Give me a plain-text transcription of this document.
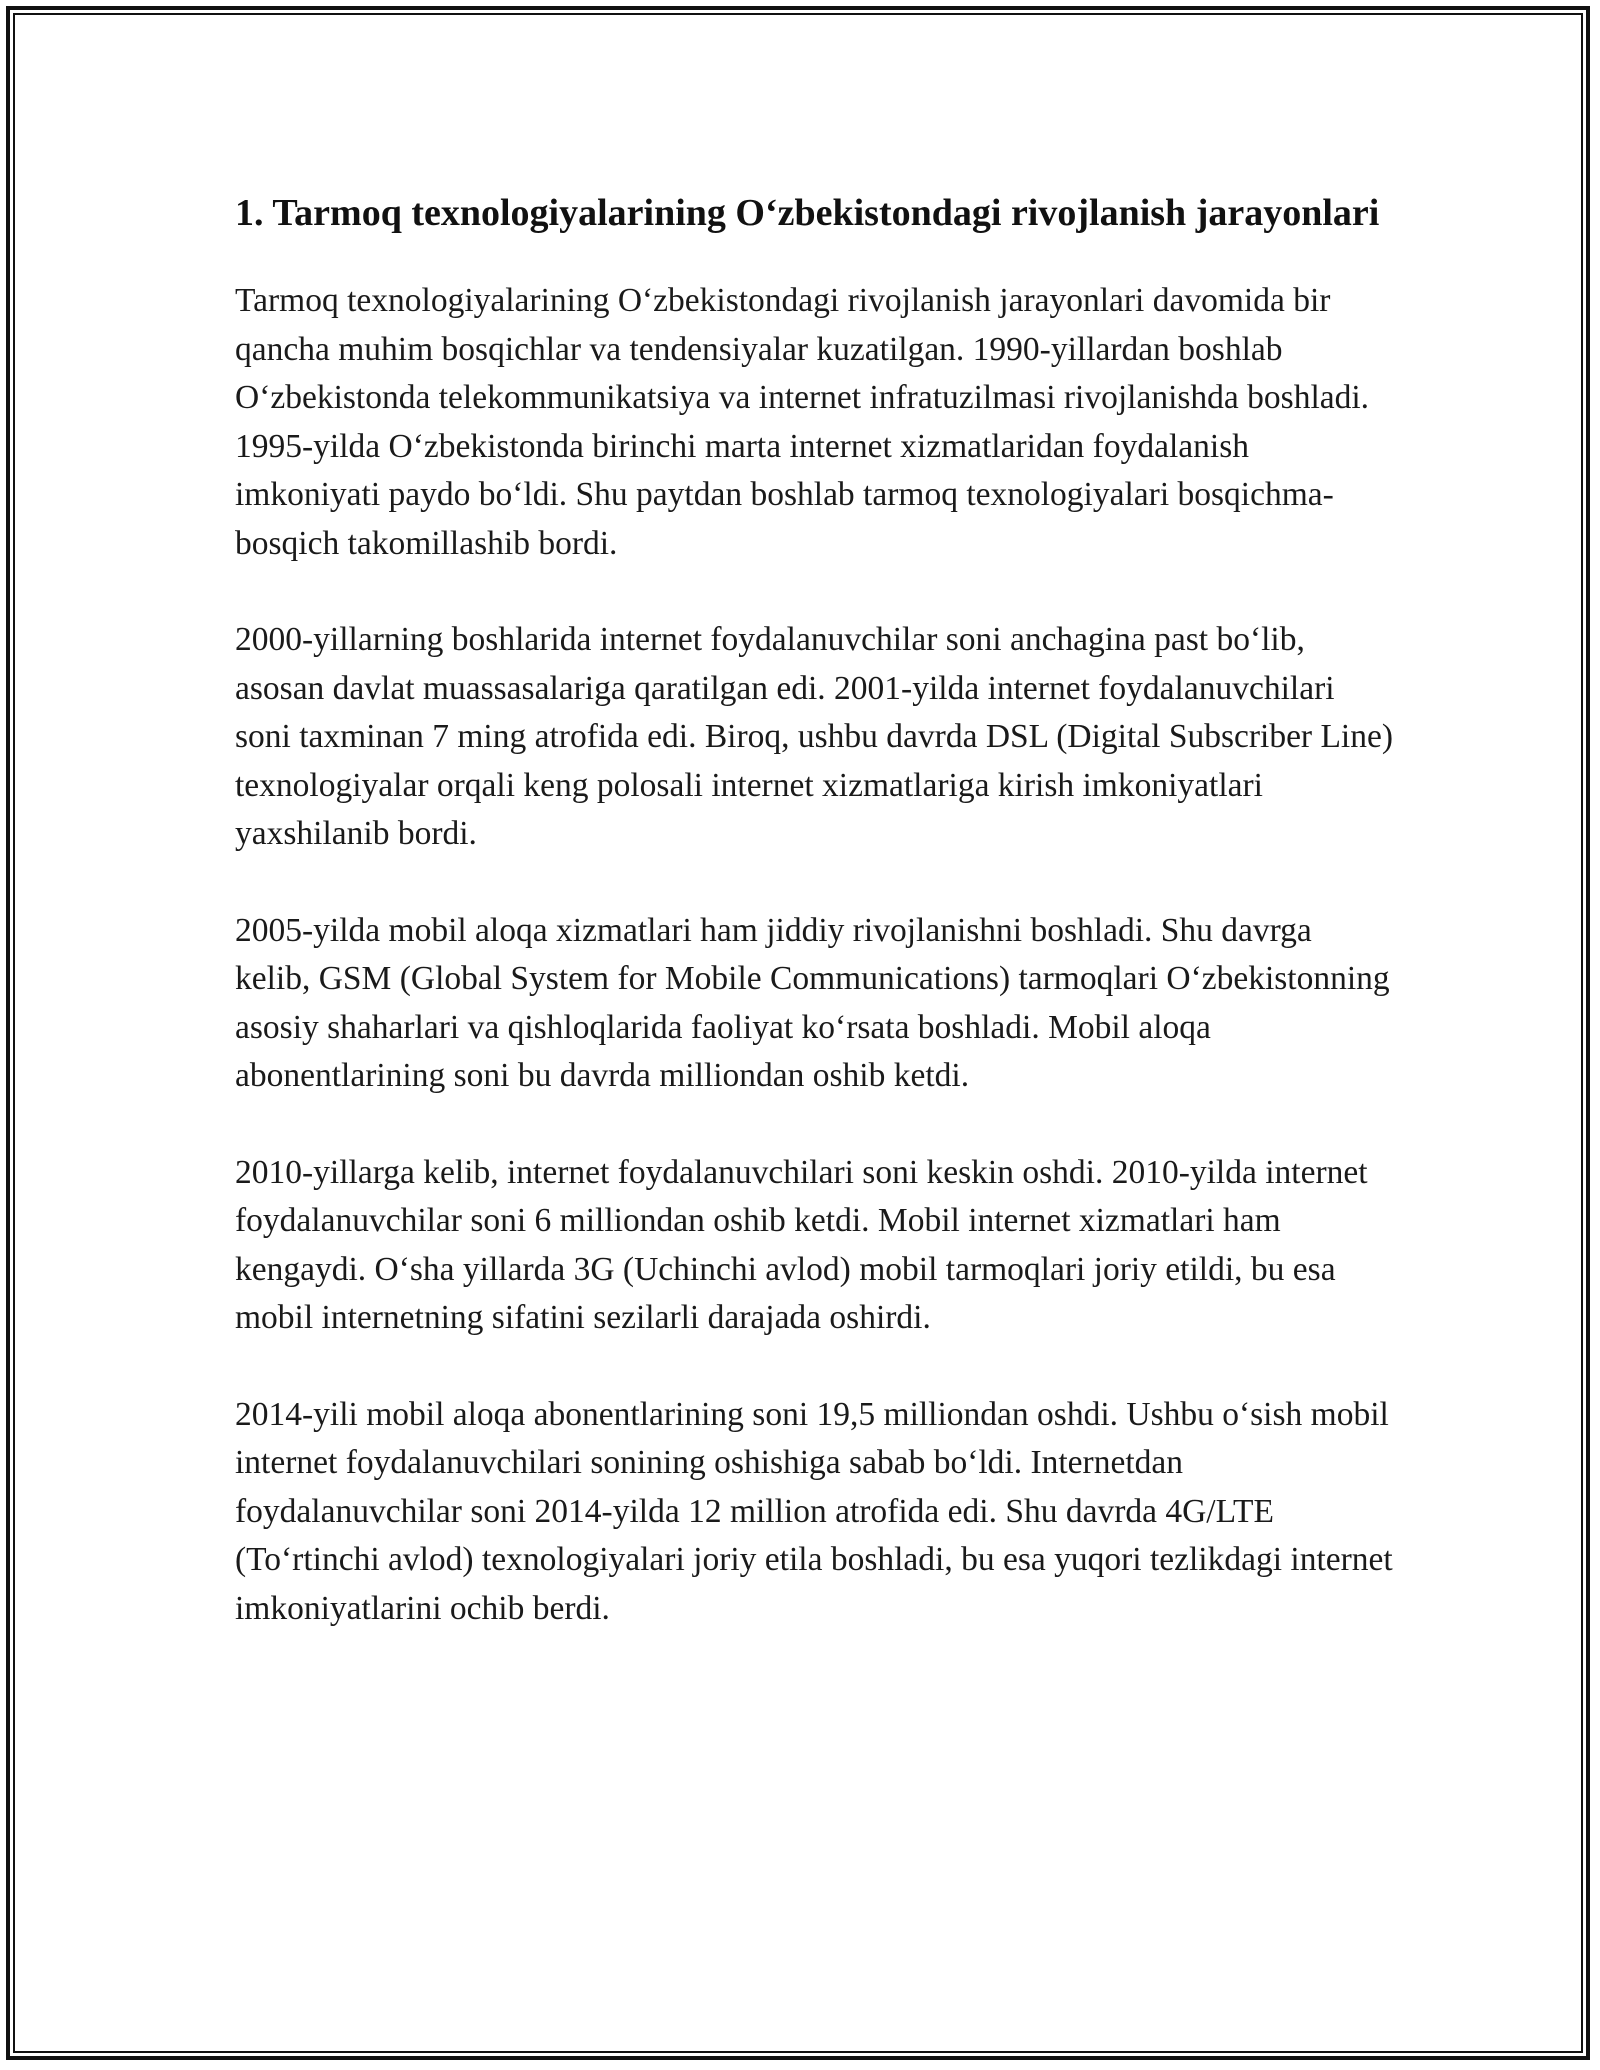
1. Tarmoq texnologiyalarining O‘zbekistondagi rivojlanish jarayonlari

Tarmoq texnologiyalarining O‘zbekistondagi rivojlanish jarayonlari davomida bir qancha muhim bosqichlar va tendensiyalar kuzatilgan. 1990-yillardan boshlab O‘zbekistonda telekommunikatsiya va internet infratuzilmasi rivojlanishda boshladi. 1995-yilda O‘zbekistonda birinchi marta internet xizmatlaridan foydalanish imkoniyati paydo bo‘ldi. Shu paytdan boshlab tarmoq texnologiyalari bosqichma-bosqich takomillashib bordi.

2000-yillarning boshlarida internet foydalanuvchilar soni anchagina past bo‘lib, asosan davlat muassasalariga qaratilgan edi. 2001-yilda internet foydalanuvchilari soni taxminan 7 ming atrofida edi. Biroq, ushbu davrda DSL (Digital Subscriber Line) texnologiyalar orqali keng polosali internet xizmatlariga kirish imkoniyatlari yaxshilanib bordi.

2005-yilda mobil aloqa xizmatlari ham jiddiy rivojlanishni boshladi. Shu davrga kelib, GSM (Global System for Mobile Communications) tarmoqlari O‘zbekistonning asosiy shaharlari va qishloqlarida faoliyat ko‘rsata boshladi. Mobil aloqa abonentlarining soni bu davrda milliondan oshib ketdi.

2010-yillarga kelib, internet foydalanuvchilari soni keskin oshdi. 2010-yilda internet foydalanuvchilar soni 6 milliondan oshib ketdi. Mobil internet xizmatlari ham kengaydi. O‘sha yillarda 3G (Uchinchi avlod) mobil tarmoqlari joriy etildi, bu esa mobil internetning sifatini sezilarli darajada oshirdi.

2014-yili mobil aloqa abonentlarining soni 19,5 milliondan oshdi. Ushbu o‘sish mobil internet foydalanuvchilari sonining oshishiga sabab bo‘ldi. Internetdan foydalanuvchilar soni 2014-yilda 12 million atrofida edi. Shu davrda 4G/LTE (To‘rtinchi avlod) texnologiyalari joriy etila boshladi, bu esa yuqori tezlikdagi internet imkoniyatlarini ochib berdi.
